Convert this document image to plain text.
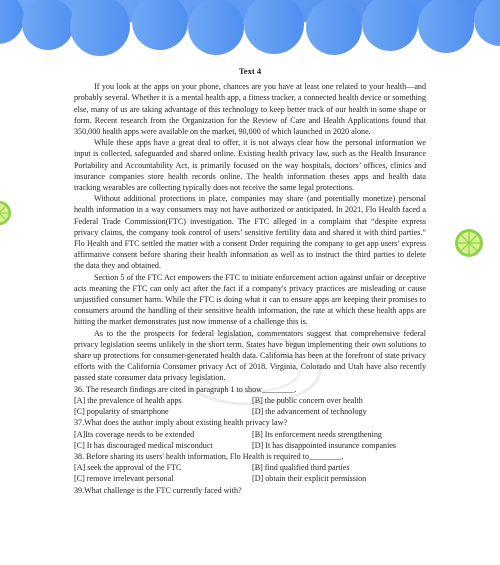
Text 4

If you look at the apps on your phone, chances are you have at least one related to your health—and probably several. Whether it is a mental health app, a fitness tracker, a connected health device or something else, many of us are taking advantage of this technology to keep better track of our health in some shape or form. Recent research from the Organization for the Review of Care and Health Applications found that 350,000 health apps were available on the market, 90,000 of which launched in 2020 alone.

While these apps have a great deal to offer, it is not always clear how the personal information we input is collected, safeguarded and shared online. Existing health privacy law, such as the Health Insurance Portability and Accountability Act, is primarily focused on the way hospitals, doctors’ offices, clinics and insurance companies store health records online. The health information theses apps and health data tracking wearables are collecting typically does not receive the same legal protections.

Without additional protections in place, companies may share (and potentially monetize) personal health information in a way consumers may not have authorized or anticipated. In 2021, Flo Health faced a Federal Trade Commission(FTC) investigation. The FTC alleged in a complaint that “despite express privacy claims, the company took control of users’ sensitive fertility data and shared it with third parties.” Flo Health and FTC settled the matter with a consent Drder requiring the company to get app users’ express affirmative consent before sharing their health information as well as to instruct the third parties to delete the data they and obtained.

Section 5 of the FTC Act empowers the FTC to initiate enforcement action against unfair or deceptive acts meaning the FTC can only act after the fact if a company's privacy practices are misleading or cause unjustified consumer harm. While the FTC is doing what it can to ensure apps are keeping their promises to consumers around the handling of their sensitive health information, the rate at which these health apps are hitting the market demonstrates just now immense of a challenge this is.

As to the the prospects for federal legislation, commentators suggest that comprehensive federal privacy legislation seems unlikely in the short term. States have begun implementing their own solutions to share up protections for consumer-generated health data. California has been at the forefront of state privacy efforts with the California Consumer privacy Act of 2018. Virginia, Colorado and Utah have also recently passed state consumer data privacy legislation.

36. The research findings are cited in paragraph 1 to show________.

[A] the prevalence of health apps	[B] the public concern over health
[C] popularity of smartphone	[D] the advancement of technology

37.What does the author imply about existing health privacy law?

[A]Its coverage needs to be extended	[B] Its enforcement needs strengthening
[C] It has discouraged medical misconduct	[D] It has disappointed insurance companies

38. Before sharing its users' health information, Flo Health is required to________.

[A] seek the approval of the FTC	[B] find qualified third parties
[C] remove irrelevant personal	[D] obtain their explicit permission

39.What challenge is the FTC currently faced with?
